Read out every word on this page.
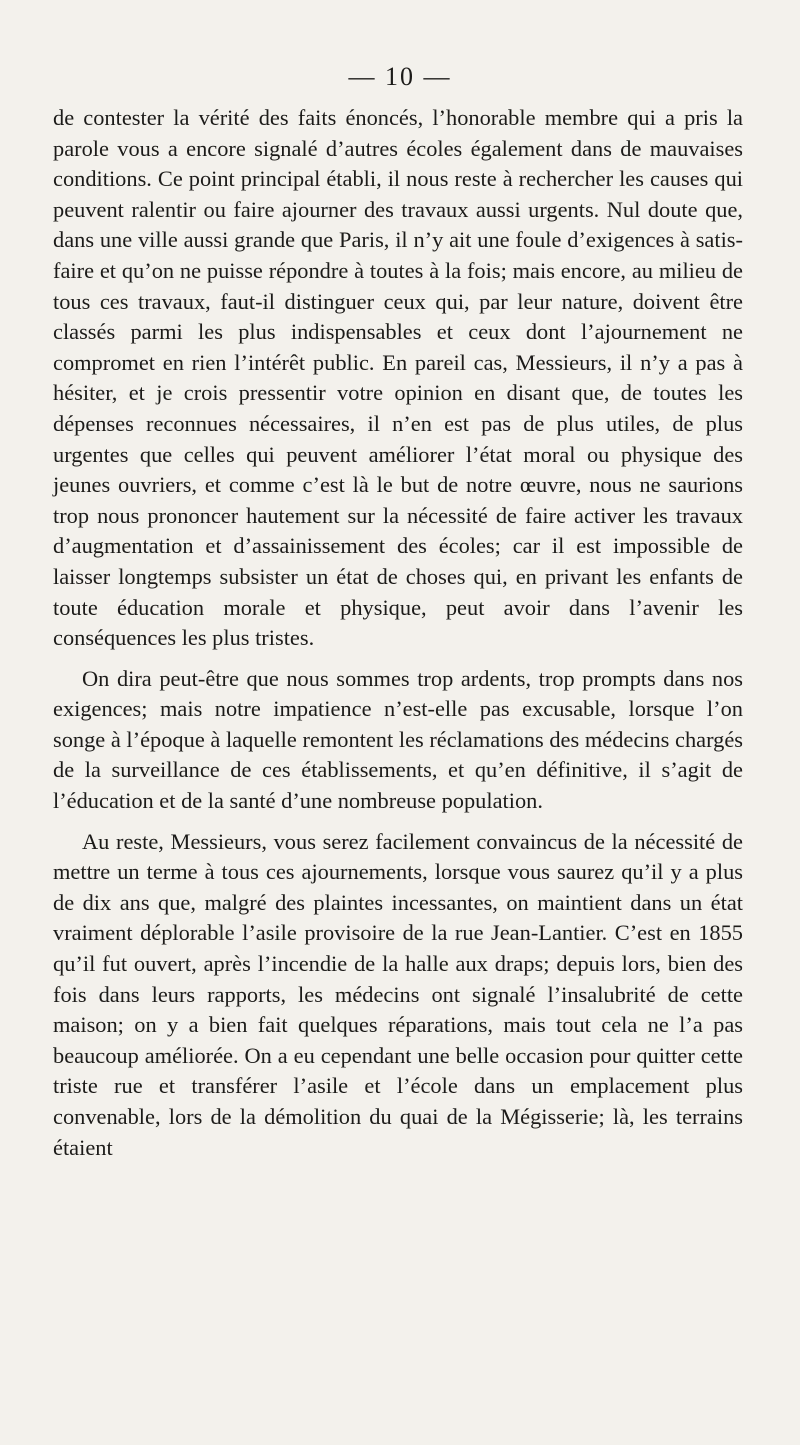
— 10 —

de contester la vérité des faits énoncés, l’honorable membre qui a pris la parole vous a encore signalé d’autres écoles également dans de mauvaises conditions. Ce point principal établi, il nous reste à rechercher les causes qui peuvent ralentir ou faire ajourner des travaux aussi urgents. Nul doute que, dans une ville aussi grande que Paris, il n’y ait une foule d’exigences à satisfaire et qu’on ne puisse répondre à toutes à la fois; mais encore, au milieu de tous ces travaux, faut-il distinguer ceux qui, par leur nature, doivent être classés parmi les plus indispensables et ceux dont l’ajournement ne compromet en rien l’intérêt public. En pareil cas, Messieurs, il n’y a pas à hésiter, et je crois pressentir votre opinion en disant que, de toutes les dépenses reconnues nécessaires, il n’en est pas de plus utiles, de plus urgentes que celles qui peuvent améliorer l’état moral ou physique des jeunes ouvriers, et comme c’est là le but de notre œuvre, nous ne saurions trop nous prononcer hautement sur la nécessité de faire activer les travaux d’augmentation et d’assainissement des écoles; car il est impossible de laisser longtemps subsister un état de choses qui, en privant les enfants de toute éducation morale et physique, peut avoir dans l’avenir les conséquences les plus tristes.

On dira peut-être que nous sommes trop ardents, trop prompts dans nos exigences; mais notre impatience n’est-elle pas excusable, lorsque l’on songe à l’époque à laquelle remontent les réclamations des médecins chargés de la surveillance de ces établissements, et qu’en définitive, il s’agit de l’éducation et de la santé d’une nombreuse population.

Au reste, Messieurs, vous serez facilement convaincus de la nécessité de mettre un terme à tous ces ajournements, lorsque vous saurez qu’il y a plus de dix ans que, malgré des plaintes incessantes, on maintient dans un état vraiment déplorable l’asile provisoire de la rue Jean-Lantier. C’est en 1855 qu’il fut ouvert, après l’incendie de la halle aux draps; depuis lors, bien des fois dans leurs rapports, les médecins ont signalé l’insalubrité de cette maison; on y a bien fait quelques réparations, mais tout cela ne l’a pas beaucoup améliorée. On a eu cependant une belle occasion pour quitter cette triste rue et transférer l’asile et l’école dans un emplacement plus convenable, lors de la démolition du quai de la Mégisserie; là, les terrains étaient
